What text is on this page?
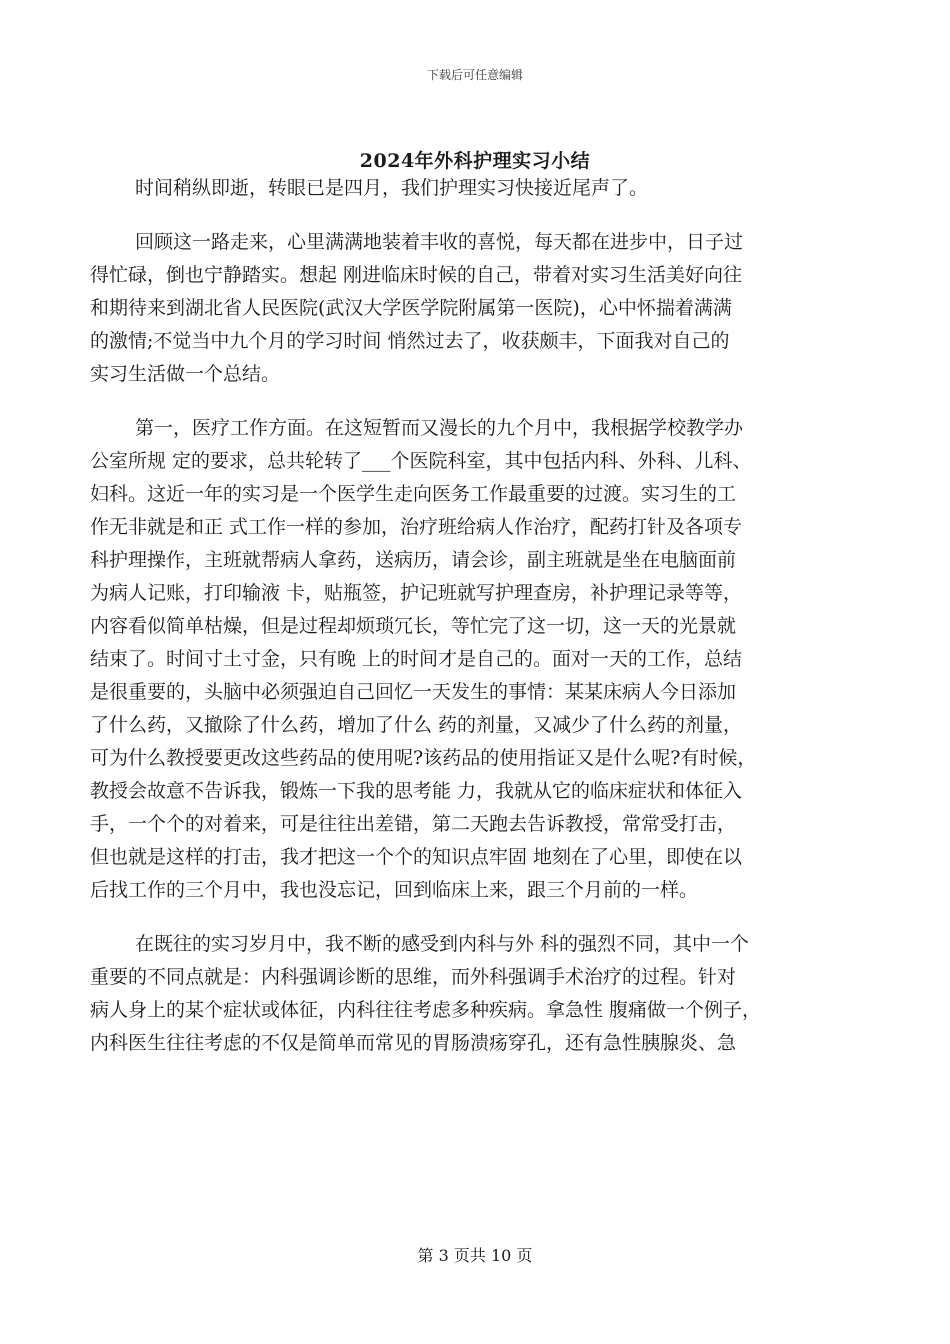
下载后可任意编辑
2024年外科护理实习小结

时间稍纵即逝，转眼已是四月，我们护理实习快接近尾声了。

回顾这一路走来，心里满满地装着丰收的喜悦，每天都在进步中，日子过
得忙碌，倒也宁静踏实。想起 刚进临床时候的自己，带着对实习生活美好向往
和期待来到湖北省人民医院(武汉大学医学院附属第一医院)，心中怀揣着满满
的激情;不觉当中九个月的学习时间 悄然过去了，收获颇丰，下面我对自己的
实习生活做一个总结。

第一，医疗工作方面。在这短暂而又漫长的九个月中，我根据学校教学办
公室所规 定的要求，总共轮转了___个医院科室，其中包括内科、外科、儿科、
妇科。这近一年的实习是一个医学生走向医务工作最重要的过渡。实习生的工
作无非就是和正 式工作一样的参加，治疗班给病人作治疗，配药打针及各项专
科护理操作，主班就帮病人拿药，送病历，请会诊，副主班就是坐在电脑面前
为病人记账，打印输液 卡，贴瓶签，护记班就写护理查房，补护理记录等等，
内容看似简单枯燥，但是过程却烦琐冗长，等忙完了这一切，这一天的光景就
结束了。时间寸土寸金，只有晚 上的时间才是自己的。面对一天的工作，总结
是很重要的，头脑中必须强迫自己回忆一天发生的事情：某某床病人今日添加
了什么药，又撤除了什么药，增加了什么 药的剂量，又减少了什么药的剂量，
可为什么教授要更改这些药品的使用呢?该药品的使用指证又是什么呢?有时候，
教授会故意不告诉我，锻炼一下我的思考能 力，我就从它的临床症状和体征入
手，一个个的对着来，可是往往出差错，第二天跑去告诉教授，常常受打击，
但也就是这样的打击，我才把这一个个的知识点牢固 地刻在了心里，即使在以
后找工作的三个月中，我也没忘记，回到临床上来，跟三个月前的一样。

在既往的实习岁月中，我不断的感受到内科与外 科的强烈不同，其中一个
重要的不同点就是：内科强调诊断的思维，而外科强调手术治疗的过程。针对
病人身上的某个症状或体征，内科往往考虑多种疾病。拿急性 腹痛做一个例子，
内科医生往往考虑的不仅是简单而常见的胃肠溃疡穿孔，还有急性胰腺炎、急

第 3 页共 10 页
